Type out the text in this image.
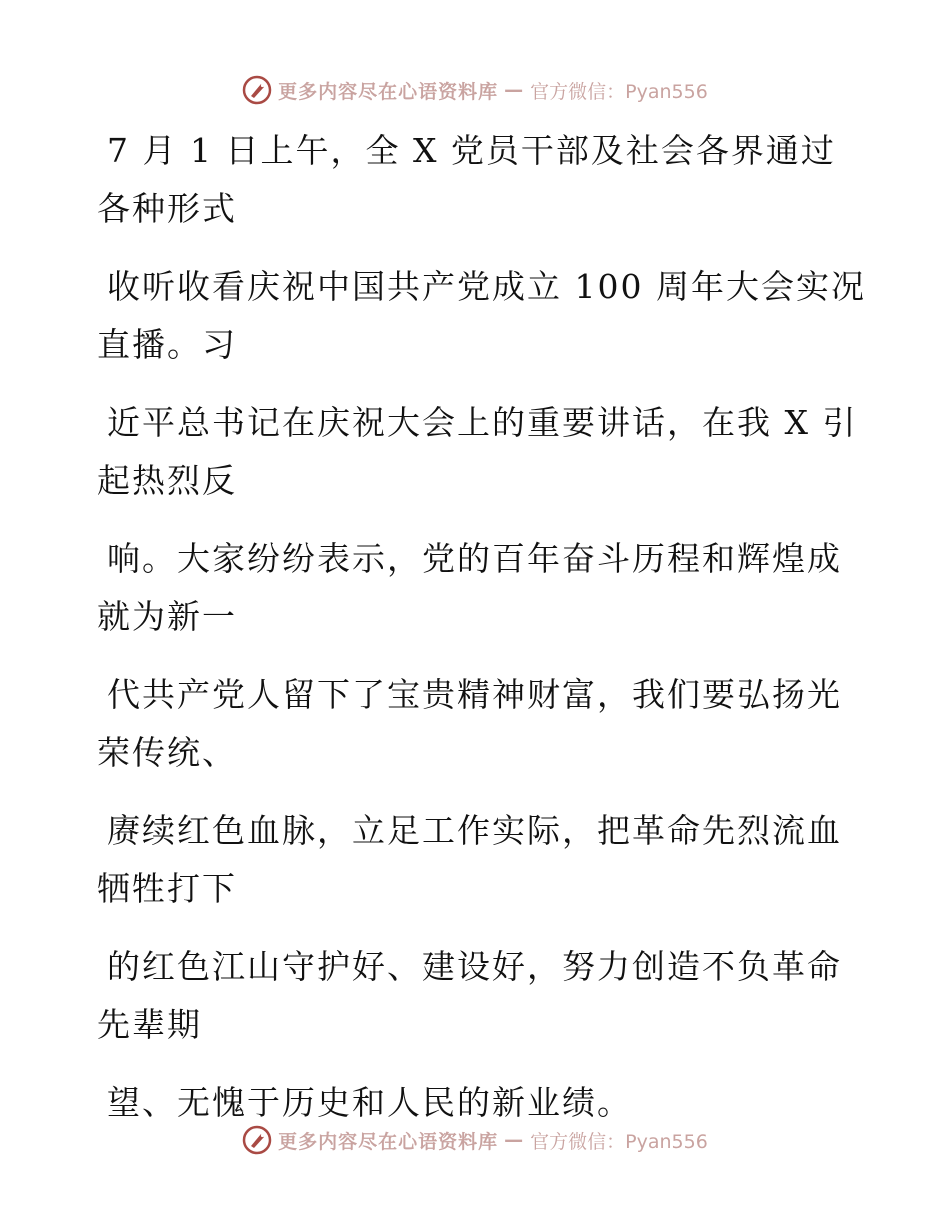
更多内容尽在心语资料库 — 官方微信：Pyan556
7 月 1 日上午，全 X 党员干部及社会各界通过
各种形式
收听收看庆祝中国共产党成立 100 周年大会实况
直播。习
近平总书记在庆祝大会上的重要讲话，在我 X 引
起热烈反
响。大家纷纷表示，党的百年奋斗历程和辉煌成
就为新一
代共产党人留下了宝贵精神财富，我们要弘扬光
荣传统、
赓续红色血脉，立足工作实际，把革命先烈流血
牺牲打下
的红色江山守护好、建设好，努力创造不负革命
先辈期
望、无愧于历史和人民的新业绩。
更多内容尽在心语资料库 — 官方微信：Pyan556
